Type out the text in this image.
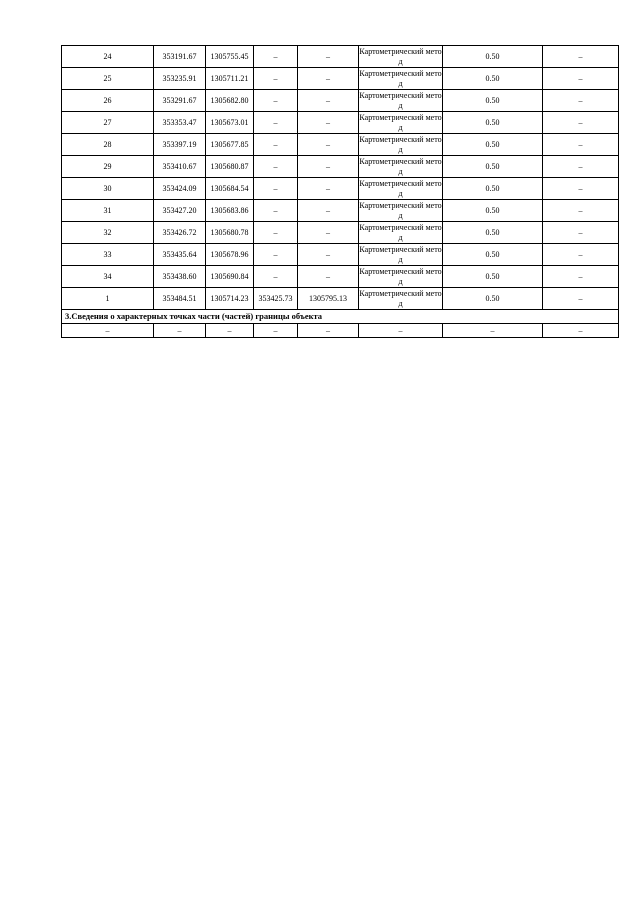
24	353191.67	1305755.45	–	–	Картометрический метод	0.50	–
25	353235.91	1305711.21	–	–	Картометрический метод	0.50	–
26	353291.67	1305682.80	–	–	Картометрический метод	0.50	–
27	353353.47	1305673.01	–	–	Картометрический метод	0.50	–
28	353397.19	1305677.85	–	–	Картометрический метод	0.50	–
29	353410.67	1305680.87	–	–	Картометрический метод	0.50	–
30	353424.09	1305684.54	–	–	Картометрический метод	0.50	–
31	353427.20	1305683.86	–	–	Картометрический метод	0.50	–
32	353426.72	1305680.78	–	–	Картометрический метод	0.50	–
33	353435.64	1305678.96	–	–	Картометрический метод	0.50	–
34	353438.60	1305690.84	–	–	Картометрический метод	0.50	–
1	353484.51	1305714.23	353425.73	1305795.13	Картометрический метод	0.50	–
3.Сведения о характерных точках части (частей) границы объекта							
–	–	–	–	–	–	–	–
